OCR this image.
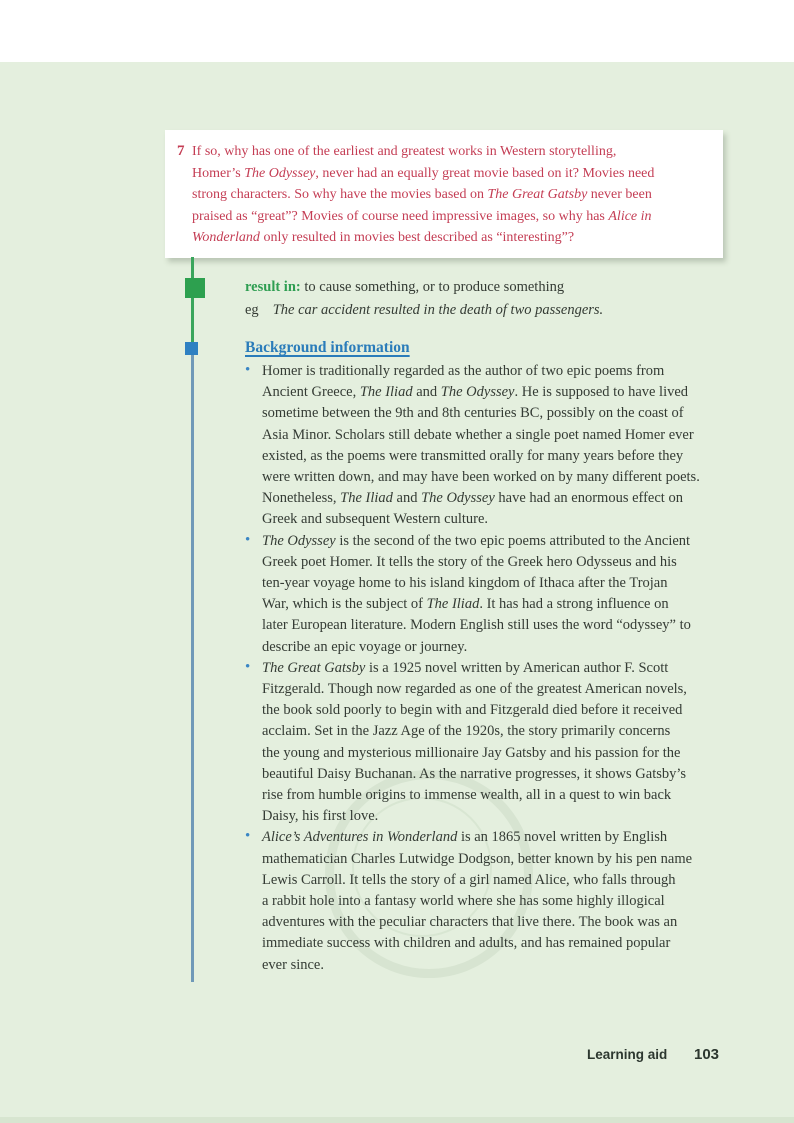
7 If so, why has one of the earliest and greatest works in Western storytelling,
Homer’s The Odyssey, never had an equally great movie based on it? Movies need
strong characters. So why have the movies based on The Great Gatsby never been
praised as “great”? Movies of course need impressive images, so why has Alice in
Wonderland only resulted in movies best described as “interesting”?
result in: to cause something, or to produce something
eg The car accident resulted in the death of two passengers.
Background information
• Homer is traditionally regarded as the author of two epic poems from
Ancient Greece, The Iliad and The Odyssey. He is supposed to have lived
sometime between the 9th and 8th centuries BC, possibly on the coast of
Asia Minor. Scholars still debate whether a single poet named Homer ever
existed, as the poems were transmitted orally for many years before they
were written down, and may have been worked on by many different poets.
Nonetheless, The Iliad and The Odyssey have had an enormous effect on
Greek and subsequent Western culture.
• The Odyssey is the second of the two epic poems attributed to the Ancient
Greek poet Homer. It tells the story of the Greek hero Odysseus and his
ten-year voyage home to his island kingdom of Ithaca after the Trojan
War, which is the subject of The Iliad. It has had a strong influence on
later European literature. Modern English still uses the word “odyssey” to
describe an epic voyage or journey.
• The Great Gatsby is a 1925 novel written by American author F. Scott
Fitzgerald. Though now regarded as one of the greatest American novels,
the book sold poorly to begin with and Fitzgerald died before it received
acclaim. Set in the Jazz Age of the 1920s, the story primarily concerns
the young and mysterious millionaire Jay Gatsby and his passion for the
beautiful Daisy Buchanan. As the narrative progresses, it shows Gatsby’s
rise from humble origins to immense wealth, all in a quest to win back
Daisy, his first love.
• Alice’s Adventures in Wonderland is an 1865 novel written by English
mathematician Charles Lutwidge Dodgson, better known by his pen name
Lewis Carroll. It tells the story of a girl named Alice, who falls through
a rabbit hole into a fantasy world where she has some highly illogical
adventures with the peculiar characters that live there. The book was an
immediate success with children and adults, and has remained popular
ever since.
Learning aid 103
